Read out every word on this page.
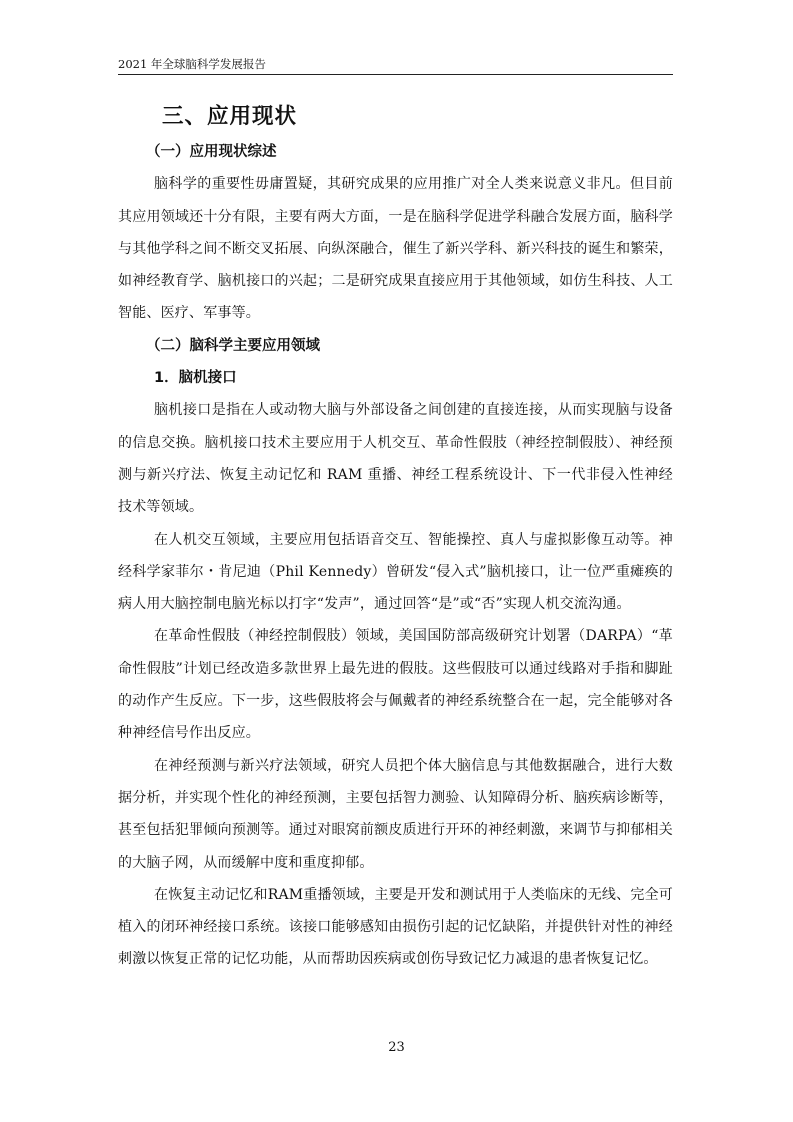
2021 年全球脑科学发展报告
三、应用现状
（一）应用现状综述

脑科学的重要性毋庸置疑，其研究成果的应用推广对全人类来说意义非凡。但目前其应用领域还十分有限，主要有两大方面，一是在脑科学促进学科融合发展方面，脑科学与其他学科之间不断交叉拓展、向纵深融合，催生了新兴学科、新兴科技的诞生和繁荣，如神经教育学、脑机接口的兴起；二是研究成果直接应用于其他领域，如仿生科技、人工智能、医疗、军事等。

（二）脑科学主要应用领域
1．脑机接口

脑机接口是指在人或动物大脑与外部设备之间创建的直接连接，从而实现脑与设备的信息交换。脑机接口技术主要应用于人机交互、革命性假肢（神经控制假肢）、神经预测与新兴疗法、恢复主动记忆和 RAM 重播、神经工程系统设计、下一代非侵入性神经技术等领域。

在人机交互领域，主要应用包括语音交互、智能操控、真人与虚拟影像互动等。神经科学家菲尔・肯尼迪（Phil Kennedy）曾研发“侵入式”脑机接口，让一位严重瘫痪的病人用大脑控制电脑光标以打字“发声”，通过回答“是”或“否”实现人机交流沟通。

在革命性假肢（神经控制假肢）领域，美国国防部高级研究计划署（DARPA）“革命性假肢”计划已经改造多款世界上最先进的假肢。这些假肢可以通过线路对手指和脚趾的动作产生反应。下一步，这些假肢将会与佩戴者的神经系统整合在一起，完全能够对各种神经信号作出反应。

在神经预测与新兴疗法领域，研究人员把个体大脑信息与其他数据融合，进行大数据分析，并实现个性化的神经预测，主要包括智力测验、认知障碍分析、脑疾病诊断等，甚至包括犯罪倾向预测等。通过对眼窝前额皮质进行开环的神经刺激，来调节与抑郁相关的大脑子网，从而缓解中度和重度抑郁。

在恢复主动记忆和RAM重播领域，主要是开发和测试用于人类临床的无线、完全可植入的闭环神经接口系统。该接口能够感知由损伤引起的记忆缺陷，并提供针对性的神经刺激以恢复正常的记忆功能，从而帮助因疾病或创伤导致记忆力减退的患者恢复记忆。

23
